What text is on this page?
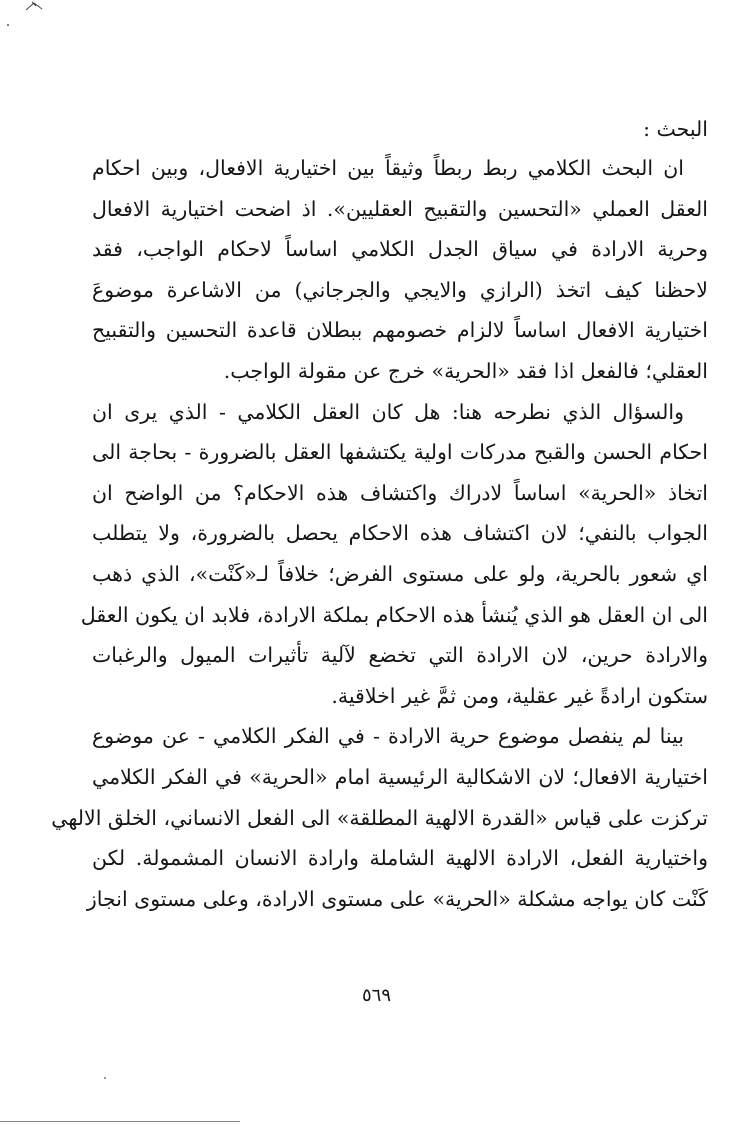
البحث :
ان البحث الكلامي ربط ربطاً وثيقاً بين اختيارية الافعال، وبين احكام
العقل العملي «التحسين والتقبيح العقليين». اذ اضحت اختيارية الافعال
وحرية الارادة في سياق الجدل الكلامي اساساً لاحكام الواجب، فقد
لاحظنا كيف اتخذ (الرازي والايجي والجرجاني) من الاشاعرة موضوعَ
اختيارية الافعال اساساً لالزام خصومهم ببطلان قاعدة التحسين والتقبيح
العقلي؛ فالفعل اذا فقد «الحرية» خرج عن مقولة الواجب.
والسؤال الذي نطرحه هنا: هل كان العقل الكلامي - الذي يرى ان
احكام الحسن والقبح مدركات اولية يكتشفها العقل بالضرورة - بحاجة الى
اتخاذ «الحرية» اساساً لادراك واكتشاف هذه الاحكام؟ من الواضح ان
الجواب بالنفي؛ لان اكتشاف هذه الاحكام يحصل بالضرورة، ولا يتطلب
اي شعور بالحرية، ولو على مستوى الفرض؛ خلافاً لـ«كَنْت»، الذي ذهب
الى ان العقل هو الذي يُنشأ هذه الاحكام بملكة الارادة، فلابد ان يكون العقل
والارادة حرين، لان الارادة التي تخضع لآلية تأثيرات الميول والرغبات
ستكون ارادةً غير عقلية، ومن ثمَّ غير اخلاقية.
بينا لم ينفصل موضوع حرية الارادة - في الفكر الكلامي - عن موضوع
اختيارية الافعال؛ لان الاشكالية الرئيسية امام «الحرية» في الفكر الكلامي
تركزت على قياس «القدرة الالهية المطلقة» الى الفعل الانساني، الخلق الالهي
واختيارية الفعل، الارادة الالهية الشاملة وارادة الانسان المشمولة. لكن
كَنْت كان يواجه مشكلة «الحرية» على مستوى الارادة، وعلى مستوى انجاز
٥٦٩
